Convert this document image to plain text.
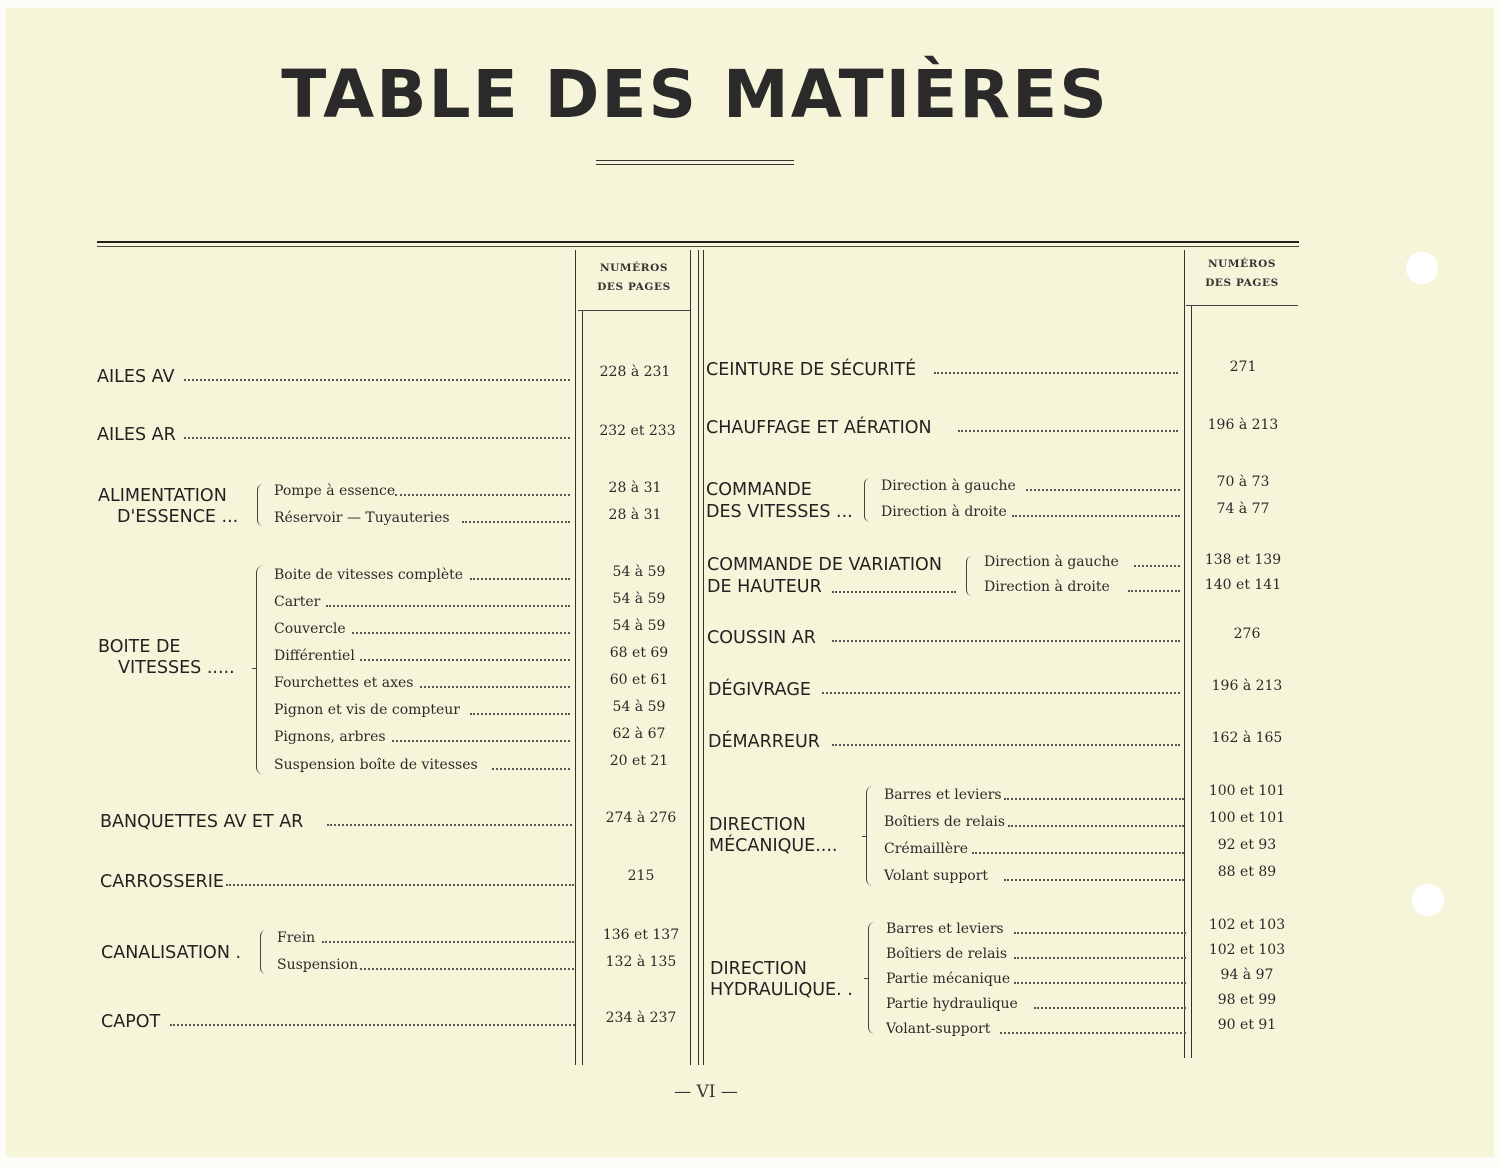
TABLE DES MATIÈRES
NUMÉROS
DES PAGES
NUMÉROS
DES PAGES
AILES AV	228 à 231
AILES AR	232 et 233
ALIMENTATION
D'ESSENCE ...
Pompe à essence	28 à 31
Réservoir — Tuyauteries	28 à 31
BOITE DE
VITESSES .....
Boite de vitesses complète	54 à 59
Carter	54 à 59
Couvercle	54 à 59
Différentiel	68 et 69
Fourchettes et axes	60 et 61
Pignon et vis de compteur	54 à 59
Pignons, arbres	62 à 67
Suspension boîte de vitesses	20 et 21
BANQUETTES AV ET AR	274 à 276
CARROSSERIE	215
CANALISATION .
Frein	136 et 137
Suspension	132 à 135
CAPOT	234 à 237
CEINTURE DE SÉCURITÉ	271
CHAUFFAGE ET AÉRATION	196 à 213
COMMANDE
DES VITESSES ...
Direction à gauche	70 à 73
Direction à droite	74 à 77
COMMANDE DE VARIATION
DE HAUTEUR
Direction à gauche	138 et 139
Direction à droite	140 et 141
COUSSIN AR	276
DÉGIVRAGE	196 à 213
DÉMARREUR	162 à 165
DIRECTION
MÉCANIQUE....
Barres et leviers	100 et 101
Boîtiers de relais	100 et 101
Crémaillère	92 et 93
Volant support	88 et 89
DIRECTION
HYDRAULIQUE. .
Barres et leviers	102 et 103
Boîtiers de relais	102 et 103
Partie mécanique	94 à 97
Partie hydraulique	98 et 99
Volant-support	90 et 91
— VI —
